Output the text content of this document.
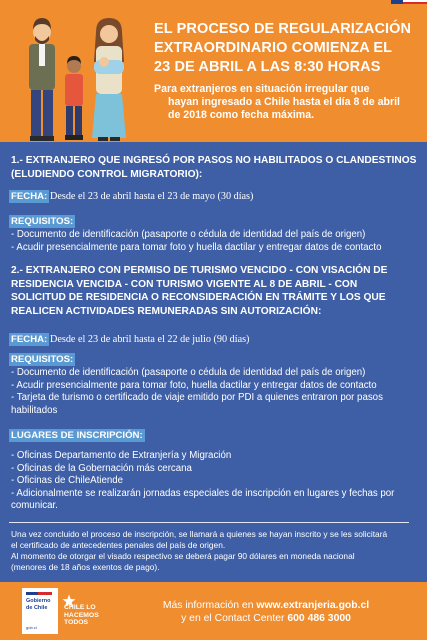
EL PROCESO DE REGULARIZACIÓN
EXTRAORDINARIO COMIENZA EL
23 DE ABRIL A LAS 8:30 HORAS
Para extranjeros en situación irregular que
hayan ingresado a Chile hasta el día 8 de abril
de 2018 como fecha máxima.
1.- EXTRANJERO QUE INGRESÓ POR PASOS NO HABILITADOS O CLANDESTINOS
(ELUDIENDO CONTROL MIGRATORIO):
FECHA: Desde el 23 de abril hasta el 23 de mayo (30 días)
REQUISITOS:
- Documento de identificación (pasaporte o cédula de identidad del país de origen)
- Acudir presencialmente para tomar foto y huella dactilar y entregar datos de contacto
2.- EXTRANJERO CON PERMISO DE TURISMO VENCIDO - CON VISACIÓN DE
RESIDENCIA VENCIDA - CON TURISMO VIGENTE AL 8 DE ABRIL - CON
SOLICITUD DE RESIDENCIA O RECONSIDERACIÓN EN TRÁMITE Y LOS QUE
REALICEN ACTIVIDADES REMUNERADAS SIN AUTORIZACIÓN:
FECHA: Desde el 23 de abril hasta el 22 de julio (90 días)
REQUISITOS:
- Documento de identificación (pasaporte o cédula de identidad del país de origen)
- Acudir presencialmente para tomar foto, huella dactilar y entregar datos de contacto
- Tarjeta de turismo o certificado de viaje emitido por PDI a quienes entraron por pasos
habilitados
LUGARES DE INSCRIPCIÓN:
- Oficinas Departamento de Extranjería y Migración
- Oficinas de la Gobernación más cercana
- Oficinas de ChileAtiende
- Adicionalmente se realizarán jornadas especiales de inscripción en lugares y fechas por
comunicar.
Una vez concluido el proceso de inscripción, se llamará a quienes se hayan inscrito y se les solicitará
el certificado de antecedentes penales del país de origen.
Al momento de otorgar el visado respectivo se deberá pagar 90 dólares en moneda nacional
(menores de 18 años exentos de pago).
Gobierno
de Chile
gob.cl
CHILE LO
HACEMOS
TODOS
Más información en www.extranjeria.gob.cl
y en el Contact Center 600 486 3000
